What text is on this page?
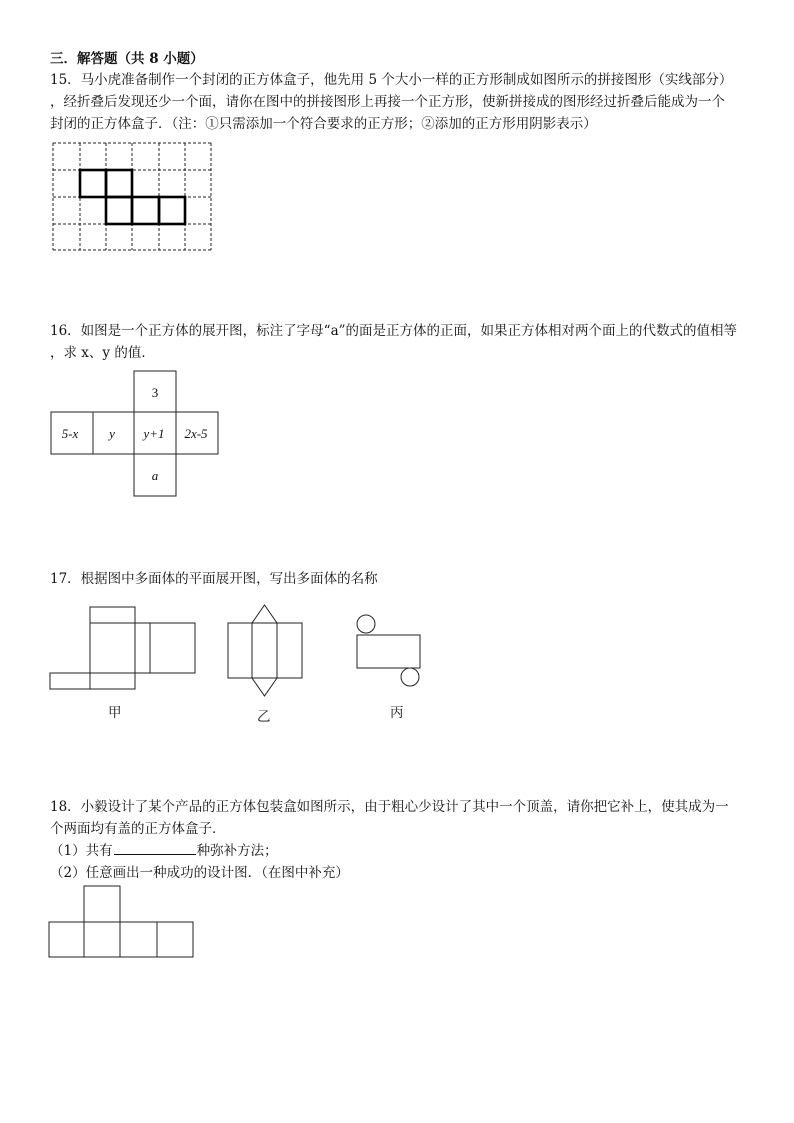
三．解答题（共 8 小题）
15．马小虎准备制作一个封闭的正方体盒子，他先用 5 个大小一样的正方形制成如图所示的拼接图形（实线部分）
，经折叠后发现还少一个面，请你在图中的拼接图形上再接一个正方形，使新拼接成的图形经过折叠后能成为一个
封闭的正方体盒子．（注：①只需添加一个符合要求的正方形；②添加的正方形用阴影表示）
16．如图是一个正方体的展开图，标注了字母“a”的面是正方体的正面，如果正方体相对两个面上的代数式的值相等
，求 x、y 的值．
3
5-x y y+1 2x-5
a
17．根据图中多面体的平面展开图，写出多面体的名称
甲	乙	丙
18．小毅设计了某个产品的正方体包装盒如图所示，由于粗心少设计了其中一个顶盖，请你把它补上，使其成为一
个两面均有盖的正方体盒子．
（1）共有	种弥补方法；
（2）任意画出一种成功的设计图．（在图中补充）
